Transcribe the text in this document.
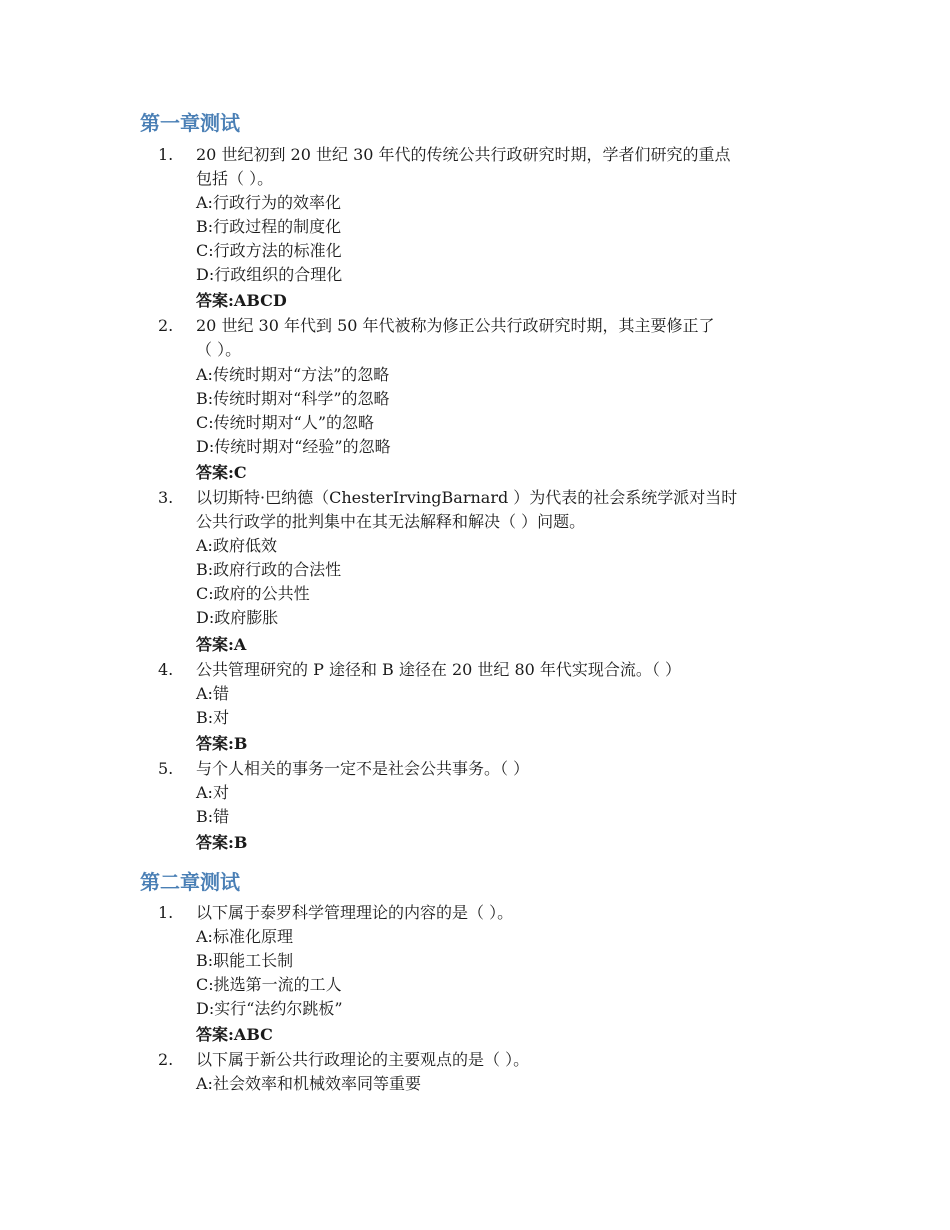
第一章测试
1.	20 世纪初到 20 世纪 30 年代的传统公共行政研究时期，学者们研究的重点
包括（ ）。
A:行政行为的效率化
B:行政过程的制度化
C:行政方法的标准化
D:行政组织的合理化
答案:ABCD
2.	20 世纪 30 年代到 50 年代被称为修正公共行政研究时期，其主要修正了
（ ）。
A:传统时期对“方法”的忽略
B:传统时期对“科学”的忽略
C:传统时期对“人”的忽略
D:传统时期对“经验”的忽略
答案:C
3.	以切斯特·巴纳德（ChesterIrvingBarnard ）为代表的社会系统学派对当时
公共行政学的批判集中在其无法解释和解决（ ）问题。
A:政府低效
B:政府行政的合法性
C:政府的公共性
D:政府膨胀
答案:A
4.	公共管理研究的 P 途径和 B 途径在 20 世纪 80 年代实现合流。（ ）
A:错
B:对
答案:B
5.	与个人相关的事务一定不是社会公共事务。（ ）
A:对
B:错
答案:B
第二章测试
1.	以下属于泰罗科学管理理论的内容的是（ ）。
A:标准化原理
B:职能工长制
C:挑选第一流的工人
D:实行“法约尔跳板”
答案:ABC
2.	以下属于新公共行政理论的主要观点的是（ ）。
A:社会效率和机械效率同等重要
